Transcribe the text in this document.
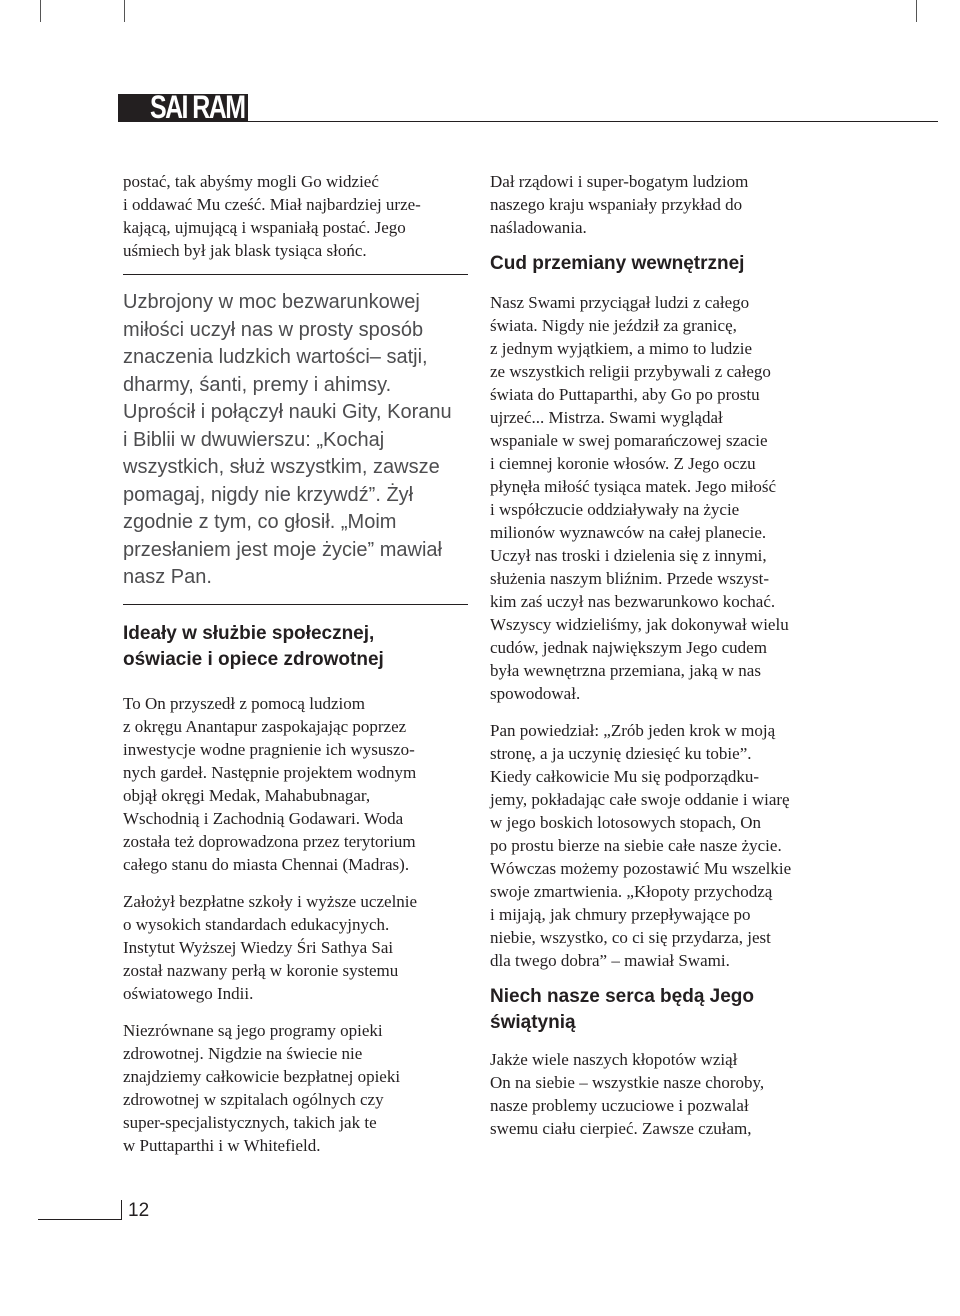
SAI RAM

postać, tak abyśmy mogli Go widzieć
i oddawać Mu cześć. Miał najbardziej urze-
kającą, ujmującą i wspaniałą postać. Jego
uśmiech był jak blask tysiąca słońc.

Uzbrojony w moc bezwarunkowej
miłości uczył nas w prosty sposób
znaczenia ludzkich wartości– satji,
dharmy, śanti, premy i ahimsy.
Uprościł i połączył nauki Gity, Koranu
i Biblii w dwuwierszu: „Kochaj
wszystkich, służ wszystkim, zawsze
pomagaj, nigdy nie krzywdź”. Żył
zgodnie z tym, co głosił. „Moim
przesłaniem jest moje życie” mawiał
nasz Pan.

Ideały w służbie społecznej,
oświacie i opiece zdrowotnej

To On przyszedł z pomocą ludziom
z okręgu Anantapur zaspokajając poprzez
inwestycje wodne pragnienie ich wysuszo-
nych gardeł. Następnie projektem wodnym
objął okręgi Medak, Mahabubnagar,
Wschodnią i Zachodnią Godawari. Woda
została też doprowadzona przez terytorium
całego stanu do miasta Chennai (Madras).

Założył bezpłatne szkoły i wyższe uczelnie
o wysokich standardach edukacyjnych.
Instytut Wyższej Wiedzy Śri Sathya Sai
został nazwany perłą w koronie systemu
oświatowego Indii.

Niezrównane są jego programy opieki
zdrowotnej. Nigdzie na świecie nie
znajdziemy całkowicie bezpłatnej opieki
zdrowotnej w szpitalach ogólnych czy
super-specjalistycznych, takich jak te
w Puttaparthi i w Whitefield.

Dał rządowi i super-bogatym ludziom
naszego kraju wspaniały przykład do
naśladowania.

Cud przemiany wewnętrznej

Nasz Swami przyciągał ludzi z całego
świata. Nigdy nie jeździł za granicę,
z jednym wyjątkiem, a mimo to ludzie
ze wszystkich religii przybywali z całego
świata do Puttaparthi, aby Go po prostu
ujrzeć... Mistrza. Swami wyglądał
wspaniale w swej pomarańczowej szacie
i ciemnej koronie włosów. Z Jego oczu
płynęła miłość tysiąca matek. Jego miłość
i współczucie oddziaływały na życie
milionów wyznawców na całej planecie.
Uczył nas troski i dzielenia się z innymi,
służenia naszym bliźnim. Przede wszyst-
kim zaś uczył nas bezwarunkowo kochać.
Wszyscy widzieliśmy, jak dokonywał wielu
cudów, jednak największym Jego cudem
była wewnętrzna przemiana, jaką w nas
spowodował.

Pan powiedział: „Zrób jeden krok w moją
stronę, a ja uczynię dziesięć ku tobie”.
Kiedy całkowicie Mu się podporządku-
jemy, pokładając całe swoje oddanie i wiarę
w jego boskich lotosowych stopach, On
po prostu bierze na siebie całe nasze życie.
Wówczas możemy pozostawić Mu wszelkie
swoje zmartwienia. „Kłopoty przychodzą
i mijają, jak chmury przepływające po
niebie, wszystko, co ci się przydarza, jest
dla twego dobra” – mawiał Swami.

Niech nasze serca będą Jego
świątynią

Jakże wiele naszych kłopotów wziął
On na siebie – wszystkie nasze choroby,
nasze problemy uczuciowe i pozwalał
swemu ciału cierpieć. Zawsze czułam,

12
